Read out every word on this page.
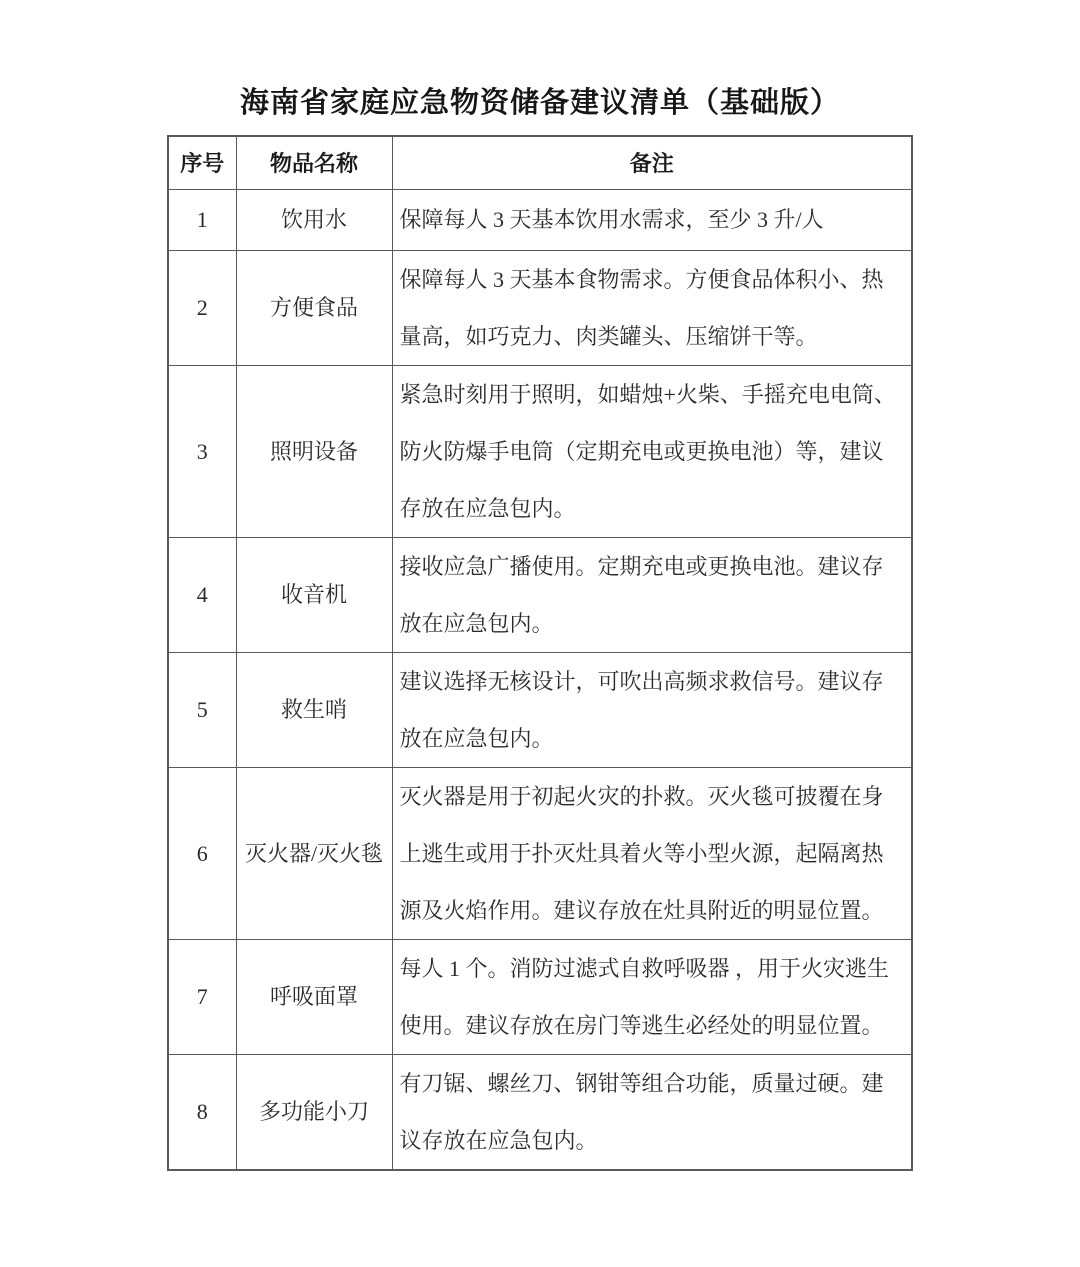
海南省家庭应急物资储备建议清单（基础版）
序号	物品名称	备注
1	饮用水	保障每人 3 天基本饮用水需求，至少 3 升/人
2	方便食品	保障每人 3 天基本食物需求。方便食品体积小、热量高，如巧克力、肉类罐头、压缩饼干等。
3	照明设备	紧急时刻用于照明，如蜡烛+火柴、手摇充电电筒、防火防爆手电筒（定期充电或更换电池）等，建议存放在应急包内。
4	收音机	接收应急广播使用。定期充电或更换电池。建议存放在应急包内。
5	救生哨	建议选择无核设计，可吹出高频求救信号。建议存放在应急包内。
6	灭火器/灭火毯	灭火器是用于初起火灾的扑救。灭火毯可披覆在身上逃生或用于扑灭灶具着火等小型火源，起隔离热源及火焰作用。建议存放在灶具附近的明显位置。
7	呼吸面罩	每人 1 个。消防过滤式自救呼吸器 ，用于火灾逃生使用。建议存放在房门等逃生必经处的明显位置。
8	多功能小刀	有刀锯、螺丝刀、钢钳等组合功能，质量过硬。建议存放在应急包内。
